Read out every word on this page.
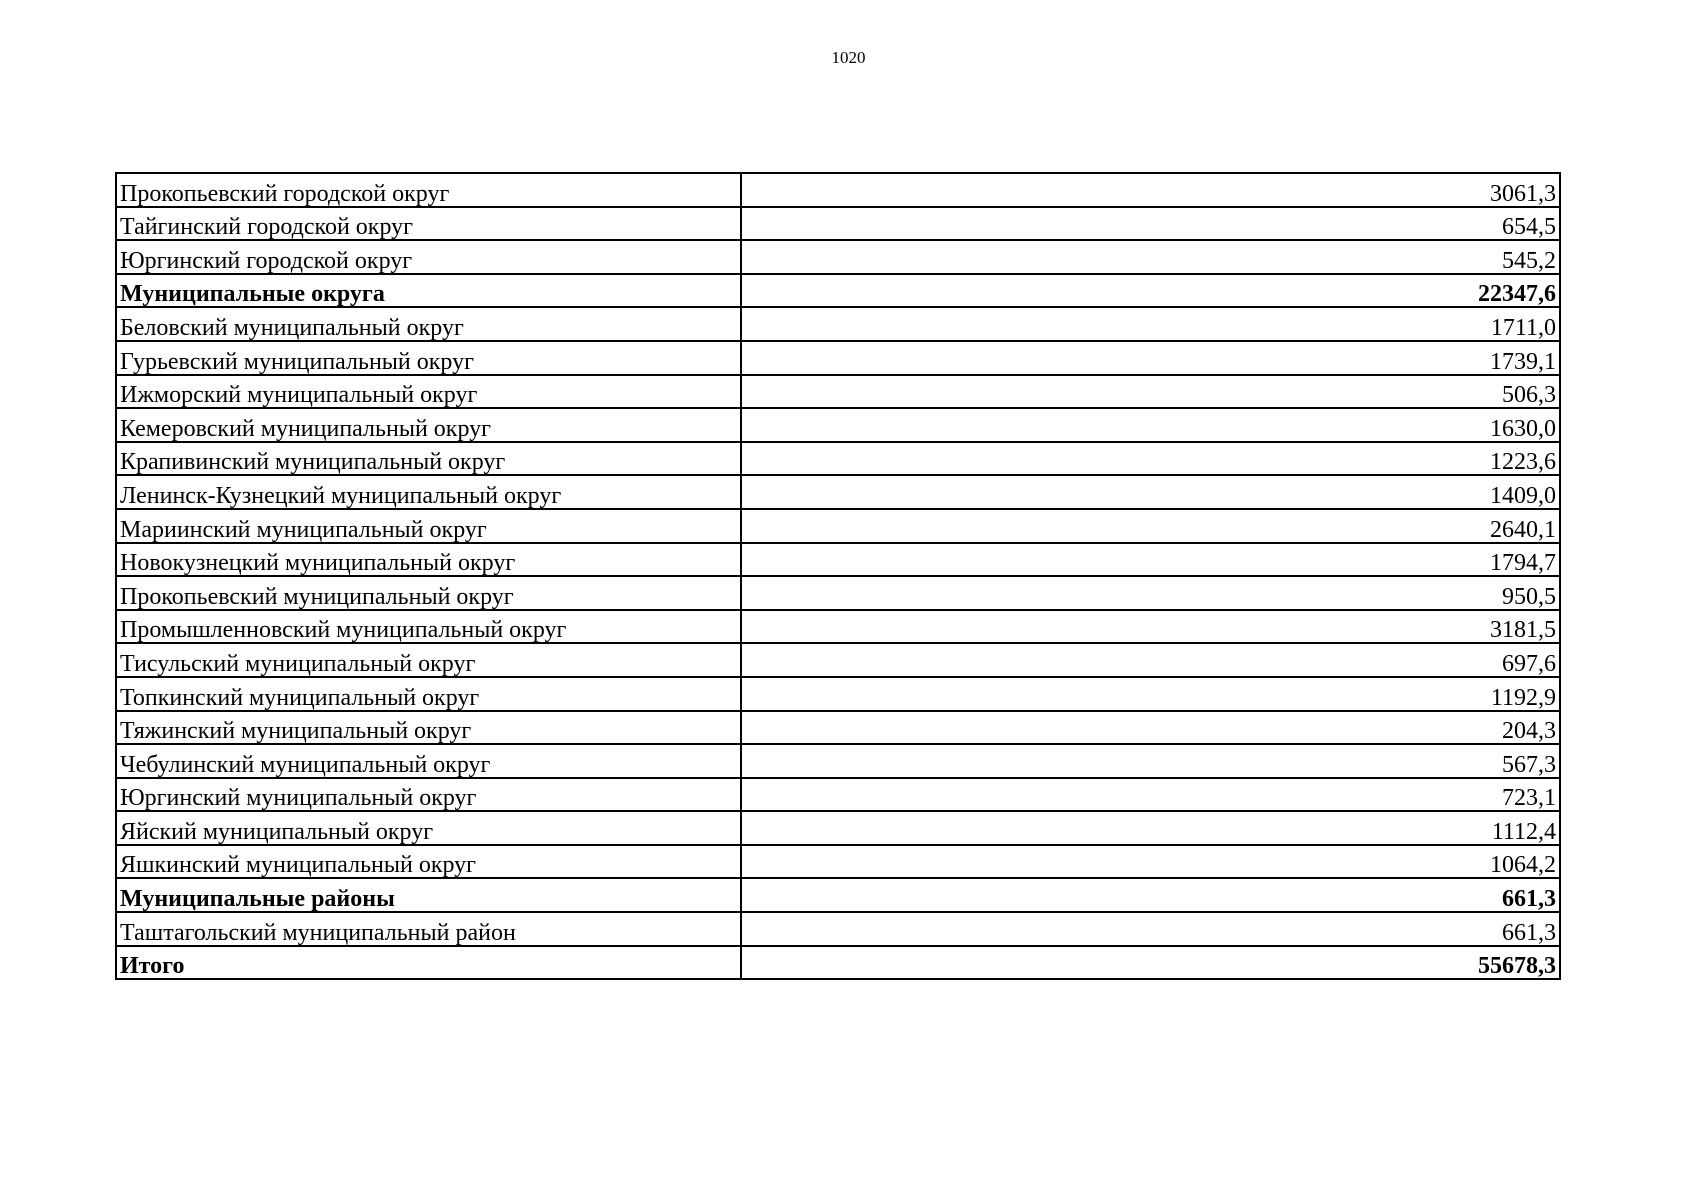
1020
Прокопьевский городской округ	3061,3
Тайгинский городской округ	654,5
Юргинский городской округ	545,2
Муниципальные округа	22347,6
Беловский муниципальный округ	1711,0
Гурьевский муниципальный округ	1739,1
Ижморский муниципальный округ	506,3
Кемеровский муниципальный округ	1630,0
Крапивинский муниципальный округ	1223,6
Ленинск-Кузнецкий муниципальный округ	1409,0
Мариинский муниципальный округ	2640,1
Новокузнецкий муниципальный округ	1794,7
Прокопьевский муниципальный округ	950,5
Промышленновский муниципальный округ	3181,5
Тисульский муниципальный округ	697,6
Топкинский муниципальный округ	1192,9
Тяжинский муниципальный округ	204,3
Чебулинский муниципальный округ	567,3
Юргинский муниципальный округ	723,1
Яйский муниципальный округ	1112,4
Яшкинский муниципальный округ	1064,2
Муниципальные районы	661,3
Таштагольский муниципальный район	661,3
Итого	55678,3
